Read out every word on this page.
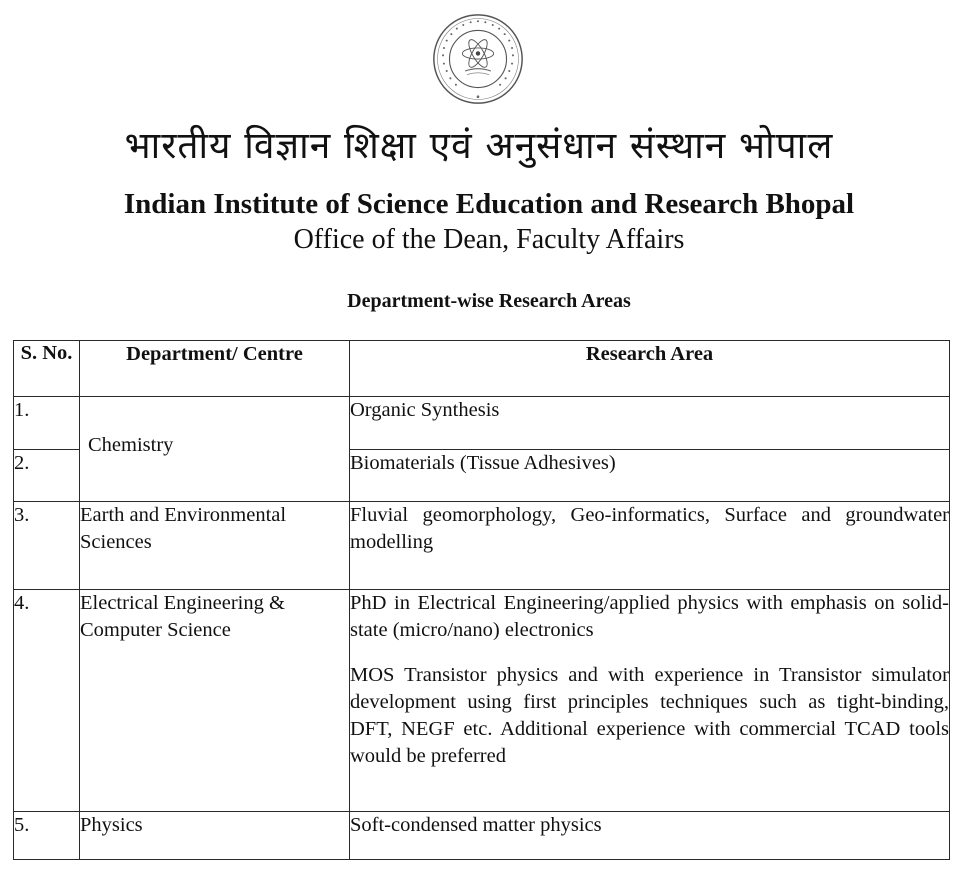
भारतीय विज्ञान शिक्षा एवं अनुसंधान संस्थान भोपाल
Indian Institute of Science Education and Research Bhopal
Office of the Dean, Faculty Affairs
Department-wise Research Areas
S. No.	Department/ Centre	Research Area
1.	Chemistry	Organic Synthesis
2.		Biomaterials (Tissue Adhesives)
3.	Earth and Environmental Sciences	Fluvial geomorphology, Geo-informatics, Surface and groundwater modelling
4.	Electrical Engineering & Computer Science	PhD in Electrical Engineering/applied physics with emphasis on solid-state (micro/nano) electronics
MOS Transistor physics and with experience in Transistor simulator development using first principles techniques such as tight-binding, DFT, NEGF etc. Additional experience with commercial TCAD tools would be preferred

5.	Physics	Soft-condensed matter physics
